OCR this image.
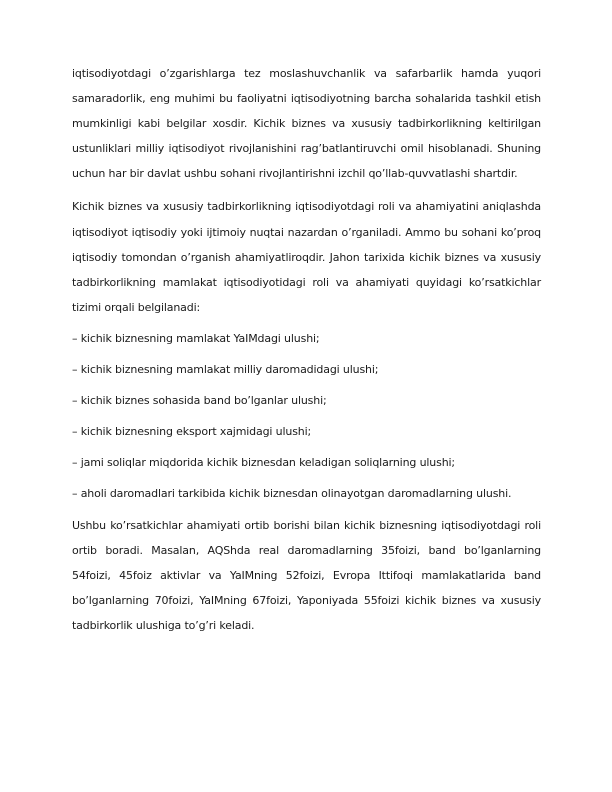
iqtisodiyotdagi o’zgarishlarga tez moslashuvchanlik va safarbarlik hamda yuqori samaradorlik, eng muhimi bu faoliyatni iqtisodiyotning barcha sohalarida tashkil etish mumkinligi kabi belgilar xosdir. Kichik biznes va xususiy tadbirkorlikning keltirilgan ustunliklari milliy iqtisodiyot rivojlanishini rag’batlantiruvchi omil hisoblanadi. Shuning uchun har bir davlat ushbu sohani rivojlantirishni izchil qo’llab-quvvatlashi shartdir.

Kichik biznes va xususiy tadbirkorlikning iqtisodiyotdagi roli va ahamiyatini aniqlashda iqtisodiyot iqtisodiy yoki ijtimoiy nuqtai nazardan o’rganiladi. Ammo bu sohani ko’proq iqtisodiy tomondan o’rganish ahamiyatliroqdir. Jahon tarixida kichik biznes va xususiy tadbirkorlikning mamlakat iqtisodiyotidagi roli va ahamiyati quyidagi ko’rsatkichlar tizimi orqali belgilanadi:

– kichik biznesning mamlakat YaIMdagi ulushi;

– kichik biznesning mamlakat milliy daromadidagi ulushi;

– kichik biznes sohasida band bo’lganlar ulushi;

– kichik biznesning eksport xajmidagi ulushi;

– jami soliqlar miqdorida kichik biznesdan keladigan soliqlarning ulushi;

– aholi daromadlari tarkibida kichik biznesdan olinayotgan daromadlarning ulushi.

Ushbu ko’rsatkichlar ahamiyati ortib borishi bilan kichik biznesning iqtisodiyotdagi roli ortib boradi. Masalan, AQShda real daromadlarning 35foizi, band bo’lganlarning 54foizi, 45foiz aktivlar va YaIMning 52foizi, Evropa Ittifoqi mamlakatlarida band bo’lganlarning 70foizi, YaIMning 67foizi, Yaponiyada 55foizi kichik biznes va xususiy tadbirkorlik ulushiga to’g’ri keladi.
